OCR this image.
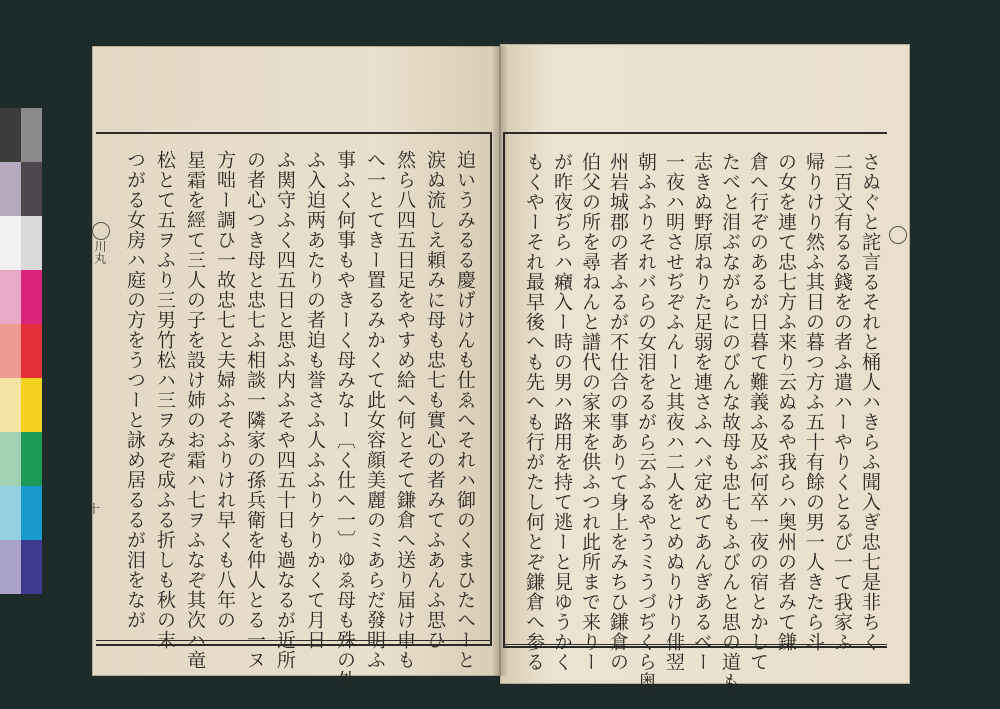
川丸
十	迫いうみるる慶げけんも仕ゑへそれハ御のくまひたへーと
涙ぬ流しえ頼みに母も忠七も實心の者みてふあんふ思ひ
然ら八四五日足をやすめ給へ何とそて鎌倉へ送り届け申も
へ一とてきー置るみかくて此女容顔美麗のミあらだ發明ふ
事ふく何事もやきーく母みなー〔く仕へ一〕ゆゑ母も殊の外
ふ入迫两あたりの者迫も誉さふ人ふふりケりかくて月日
ふ関守ふく四五日と思ふ内ふそや四五十日も過なるが近所
の者心つき母と忠七ふ相談一隣家の孫兵衛を仲人とる一ヌ
方咄ー調ひ一故忠七と夫婦ふそふりけれ早くも八年の
星霜を經て三人の子を設け姉のお霜ハ七ヲふなぞ其次ハ竜
松とて五ヲふり三男竹松ハ三ヲみぞ成ふる折しも秋の末
つがる女房ハ庭の方をうつーと詠め居るるが泪をなが	さぬぐと詫言るそれと桶人ハきらふ聞入ぎ忠七是非ちく
二百文有るる錢をの者ふ遣ハーやりくとるび一て我家ふ
帰りけり然ふ其日の暮つ方ふ五十有餘の男一人きたら斗
の女を連て忠七方ふ来り云ぬるや我らハ奥州の者みて鎌
倉へ行ぞのあるが日暮て難義ふ及ぶ何卒一夜の宿とかして
たべと泪ぶながらにのびんな故母も忠七もふびんと思の道も
志きぬ野原ねりた足弱を連さふへバ定めてあんぎあるべー
一夜ハ明させぢぞふんーと其夜ハ二人をとめぬりけり俳翌
朝ふふりそれバらの女泪をるがら云ふるやうミうづぢくら奥
州岩城郡の者ふるが不仕合の事ありて身上をみちひ鎌倉の
伯父の所を尋ねんと譜代の家来を供ふつれ此所まで来りー
が昨夜ぢらハ癪入ー時の男ハ路用を持て逃ーと見ゆうかく
もくやーそれ最早後へも先へも行がたし何とぞ鎌倉へ参る
